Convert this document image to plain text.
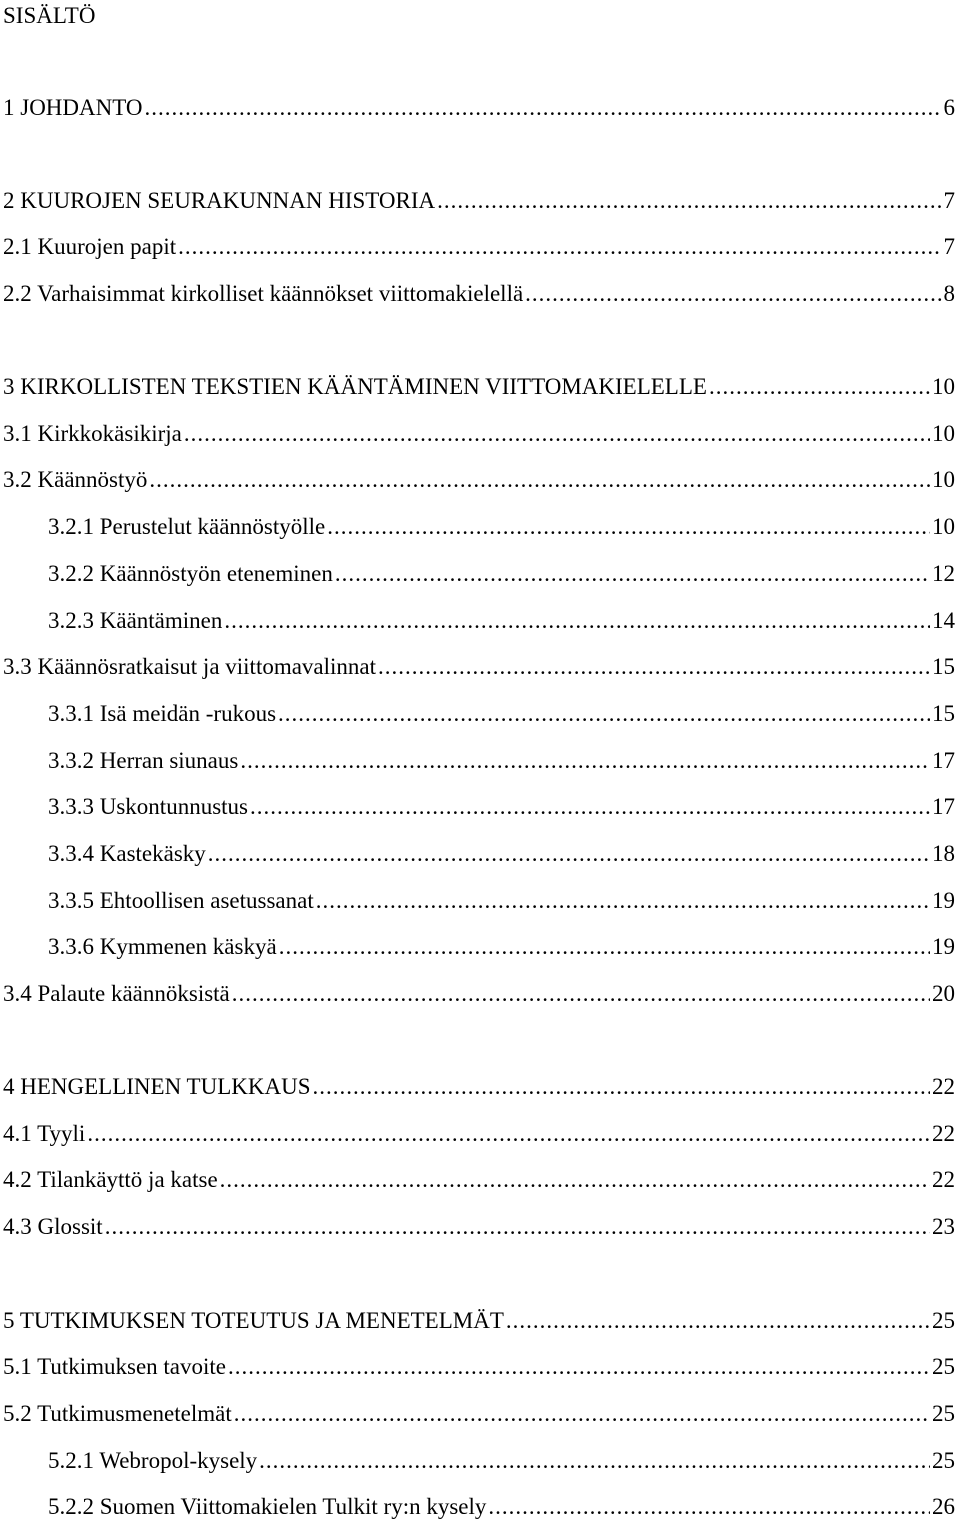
SISÄLTÖ
1 JOHDANTO .....	6
2 KUUROJEN SEURAKUNNAN HISTORIA .....	7
2.1 Kuurojen papit .....	7
2.2 Varhaisimmat kirkolliset käännökset viittomakielellä .....	8
3 KIRKOLLISTEN TEKSTIEN KÄÄNTÄMINEN VIITTOMAKIELELLE .....	10
3.1 Kirkkokäsikirja .....	10
3.2 Käännöstyö .....	10
3.2.1 Perustelut käännöstyölle .....	10
3.2.2 Käännöstyön eteneminen .....	12
3.2.3 Kääntäminen .....	14
3.3 Käännösratkaisut ja viittomavalinnat .....	15
3.3.1 Isä meidän -rukous .....	15
3.3.2 Herran siunaus .....	17
3.3.3 Uskontunnustus .....	17
3.3.4 Kastekäsky .....	18
3.3.5 Ehtoollisen asetussanat .....	19
3.3.6 Kymmenen käskyä .....	19
3.4 Palaute käännöksistä .....	20
4 HENGELLINEN TULKKAUS .....	22
4.1 Tyyli .....	22
4.2 Tilankäyttö ja katse .....	22
4.3 Glossit .....	23
5 TUTKIMUKSEN TOTEUTUS JA MENETELMÄT .....	25
5.1 Tutkimuksen tavoite .....	25
5.2 Tutkimusmenetelmät .....	25
5.2.1 Webropol-kysely .....	25
5.2.2 Suomen Viittomakielen Tulkit ry:n kysely .....	26
